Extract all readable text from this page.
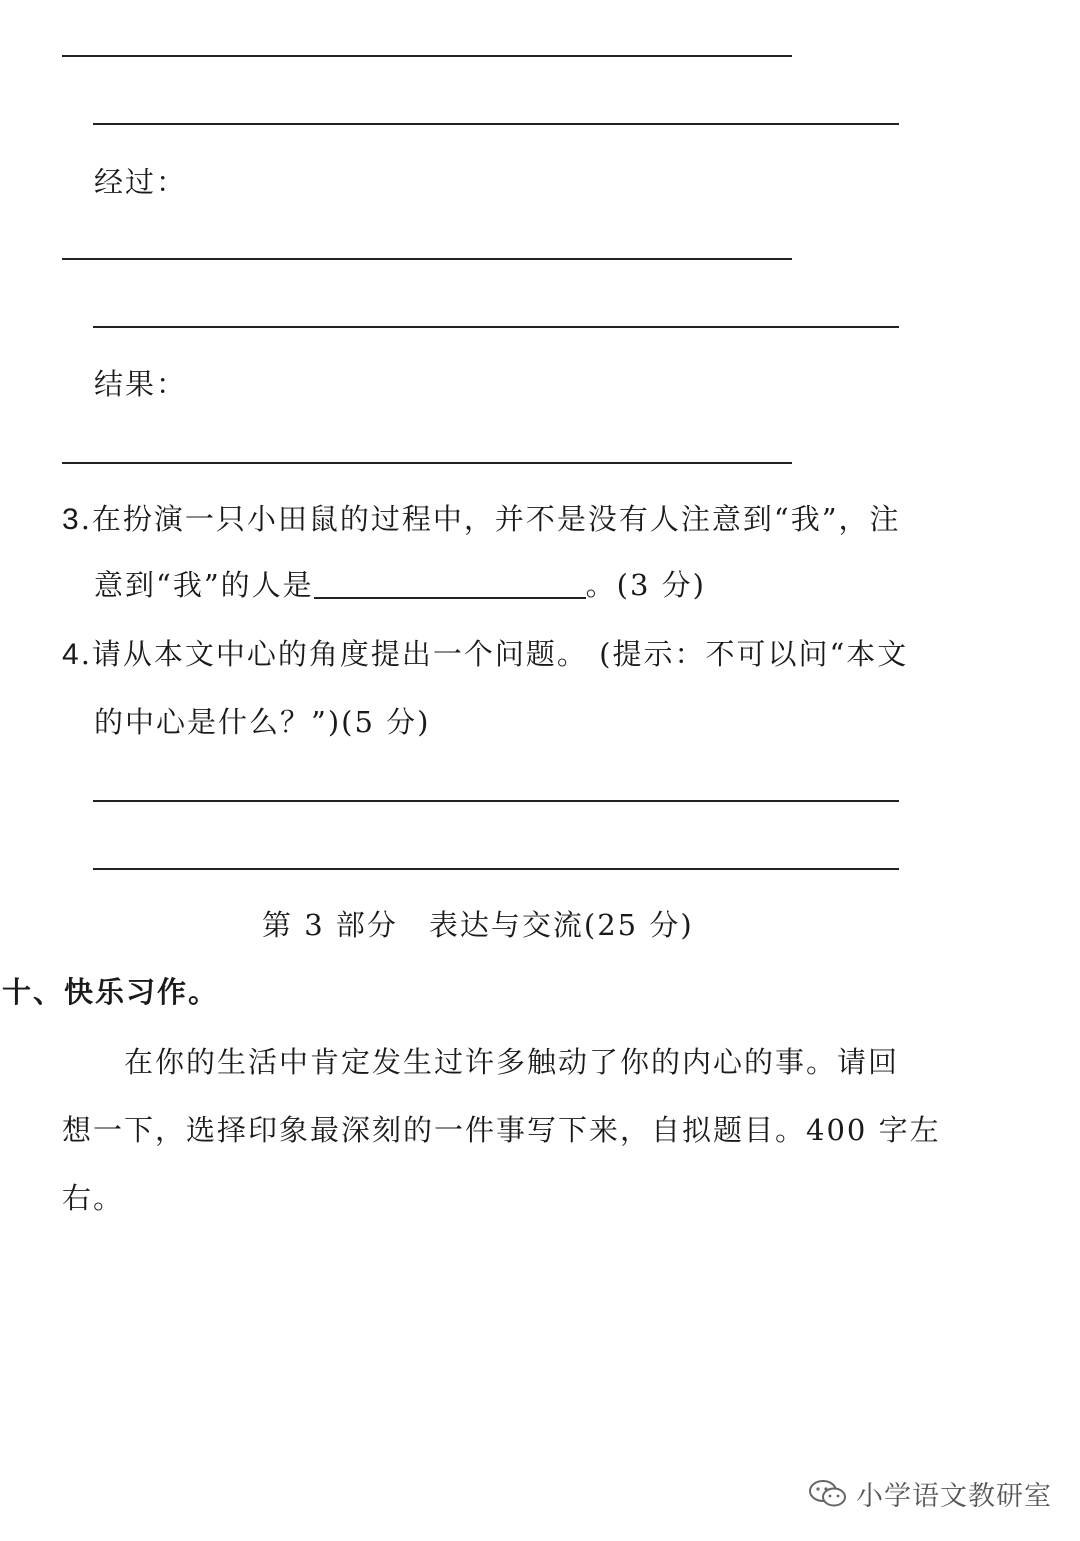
经过：
结果：
3.在扮演一只小田鼠的过程中，并不是没有人注意到“我”，注
意到“我”的人是	。(3 分)
4.请从本文中心的角度提出一个问题。 (提示：不可以问“本文
的中心是什么？”)(5 分)
第 3 部分　表达与交流(25 分)
十、快乐习作。
在你的生活中肯定发生过许多触动了你的内心的事。请回
想一下，选择印象最深刻的一件事写下来，自拟题目。400 字左
右。
小学语文教研室
